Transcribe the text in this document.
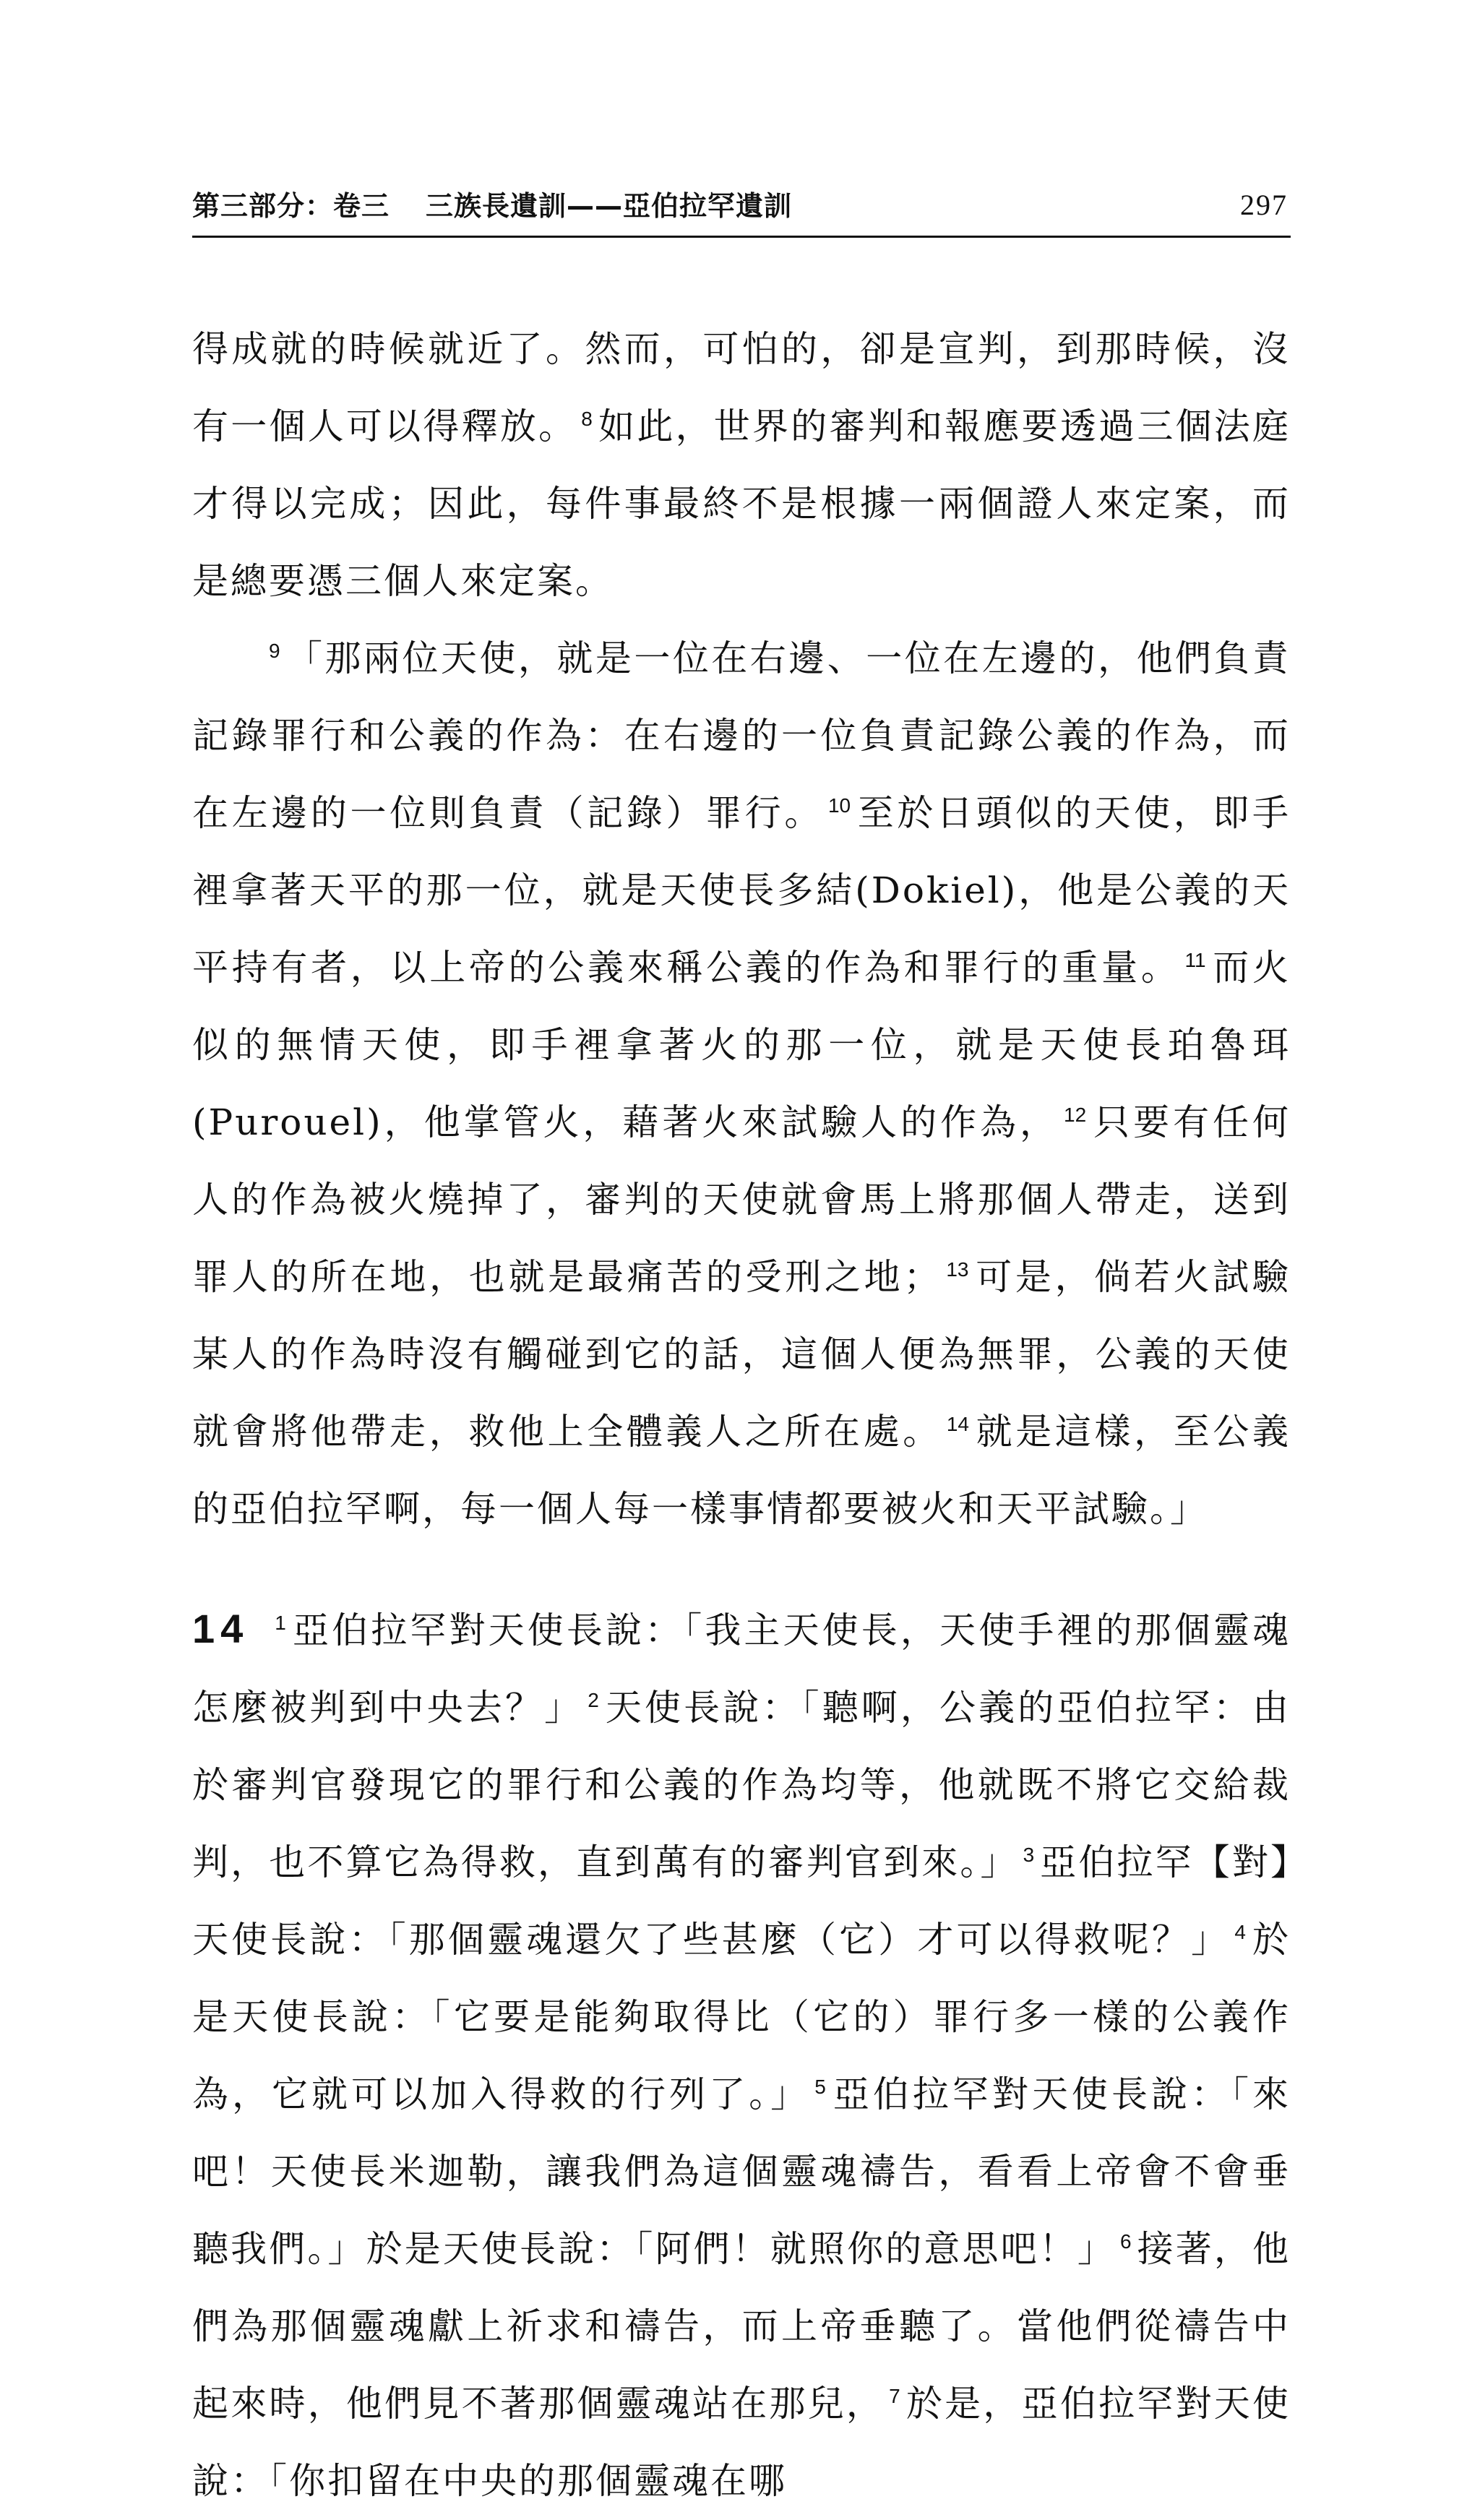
第三部分：卷三 三族長遺訓——亞伯拉罕遺訓	297

得成就的時候就近了。然而，可怕的，卻是宣判，到那時候，沒有一個人可以得釋放。 $^8$ 如此，世界的審判和報應要透過三個法庭才得以完成；因此，每件事最終不是根據一兩個證人來定案，而是總要憑三個人來定案。

$^9$ 「那兩位天使，就是一位在右邊、一位在左邊的，他們負責記錄罪行和公義的作為：在右邊的一位負責記錄公義的作為，而在左邊的一位則負責（記錄）罪行。 $^{10}$ 至於日頭似的天使，即手裡拿著天平的那一位，就是天使長多結(Dokiel)，他是公義的天平持有者，以上帝的公義來稱公義的作為和罪行的重量。 $^{11}$ 而火似的無情天使，即手裡拿著火的那一位，就是天使長珀魯珥(Purouel)，他掌管火，藉著火來試驗人的作為， $^{12}$ 只要有任何人的作為被火燒掉了，審判的天使就會馬上將那個人帶走，送到罪人的所在地，也就是最痛苦的受刑之地； $^{13}$ 可是，倘若火試驗某人的作為時沒有觸碰到它的話，這個人便為無罪，公義的天使就會將他帶走，救他上全體義人之所在處。 $^{14}$ 就是這樣，至公義的亞伯拉罕啊，每一個人每一樣事情都要被火和天平試驗。」

14 $^1$ 亞伯拉罕對天使長說：「我主天使長，天使手裡的那個靈魂怎麼被判到中央去？」 $^2$ 天使長說：「聽啊，公義的亞伯拉罕：由於審判官發現它的罪行和公義的作為均等，他就既不將它交給裁判，也不算它為得救，直到萬有的審判官到來。」 $^3$ 亞伯拉罕【對】天使長說：「那個靈魂還欠了些甚麼（它）才可以得救呢？」 $^4$ 於是天使長說：「它要是能夠取得比（它的）罪行多一樣的公義作為，它就可以加入得救的行列了。」 $^5$ 亞伯拉罕對天使長說：「來吧！天使長米迦勒，讓我們為這個靈魂禱告，看看上帝會不會垂聽我們。」於是天使長說：「阿們！就照你的意思吧！」 $^6$ 接著，他們為那個靈魂獻上祈求和禱告，而上帝垂聽了。當他們從禱告中起來時，他們見不著那個靈魂站在那兒， $^7$ 於是，亞伯拉罕對天使說：「你扣留在中央的那個靈魂在哪
